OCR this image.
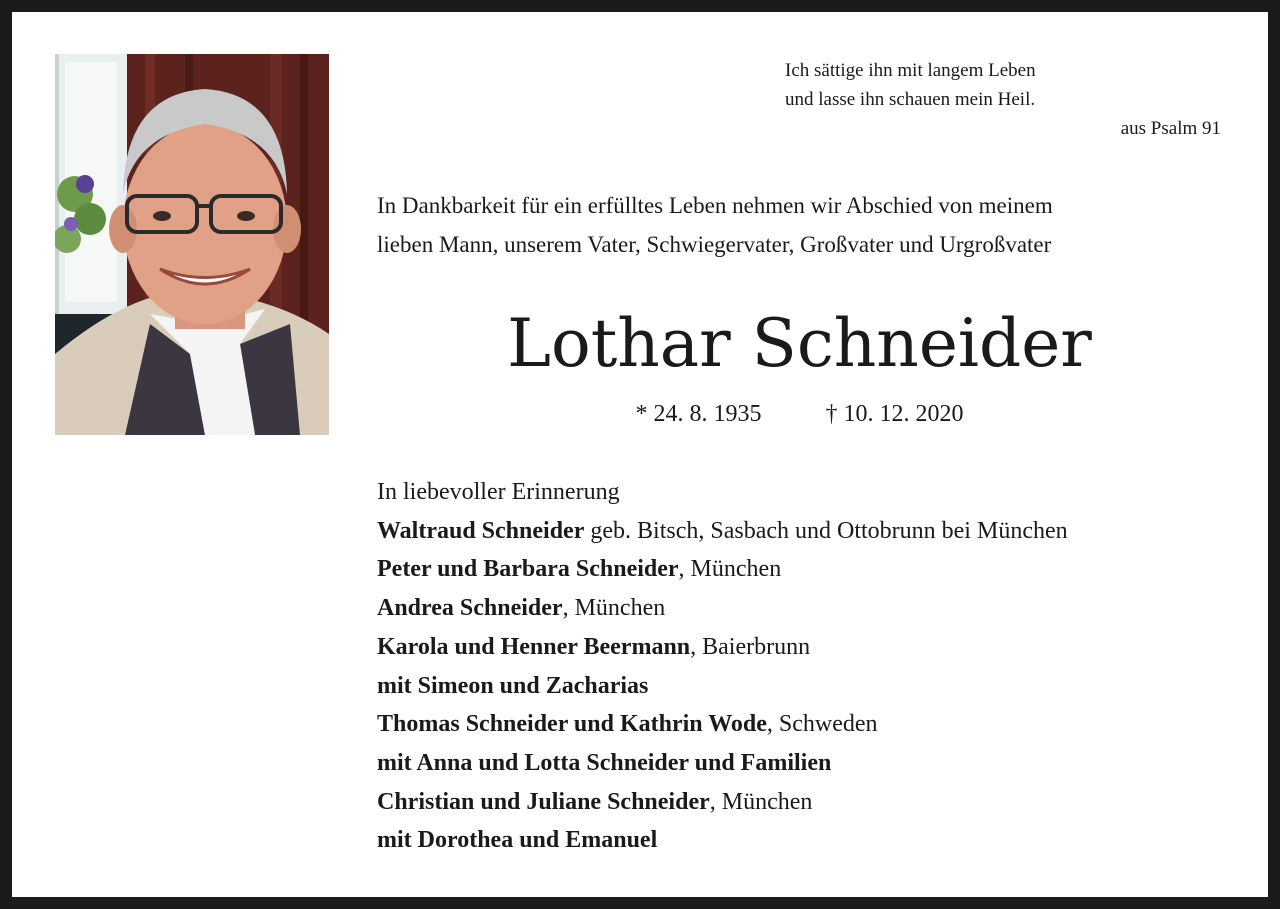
Ich sättige ihn mit langem Leben
und lasse ihn schauen mein Heil.
aus Psalm 91
In Dankbarkeit für ein erfülltes Leben nehmen wir Abschied von meinem
lieben Mann, unserem Vater, Schwiegervater, Großvater und Urgroßvater
Lothar Schneider
* 24. 8. 1935	† 10. 12. 2020
In liebevoller Erinnerung
Waltraud Schneider geb. Bitsch, Sasbach und Ottobrunn bei München
Peter und Barbara Schneider, München
Andrea Schneider, München
Karola und Henner Beermann, Baierbrunn
mit Simeon und Zacharias
Thomas Schneider und Kathrin Wode, Schweden
mit Anna und Lotta Schneider und Familien
Christian und Juliane Schneider, München
mit Dorothea und Emanuel
